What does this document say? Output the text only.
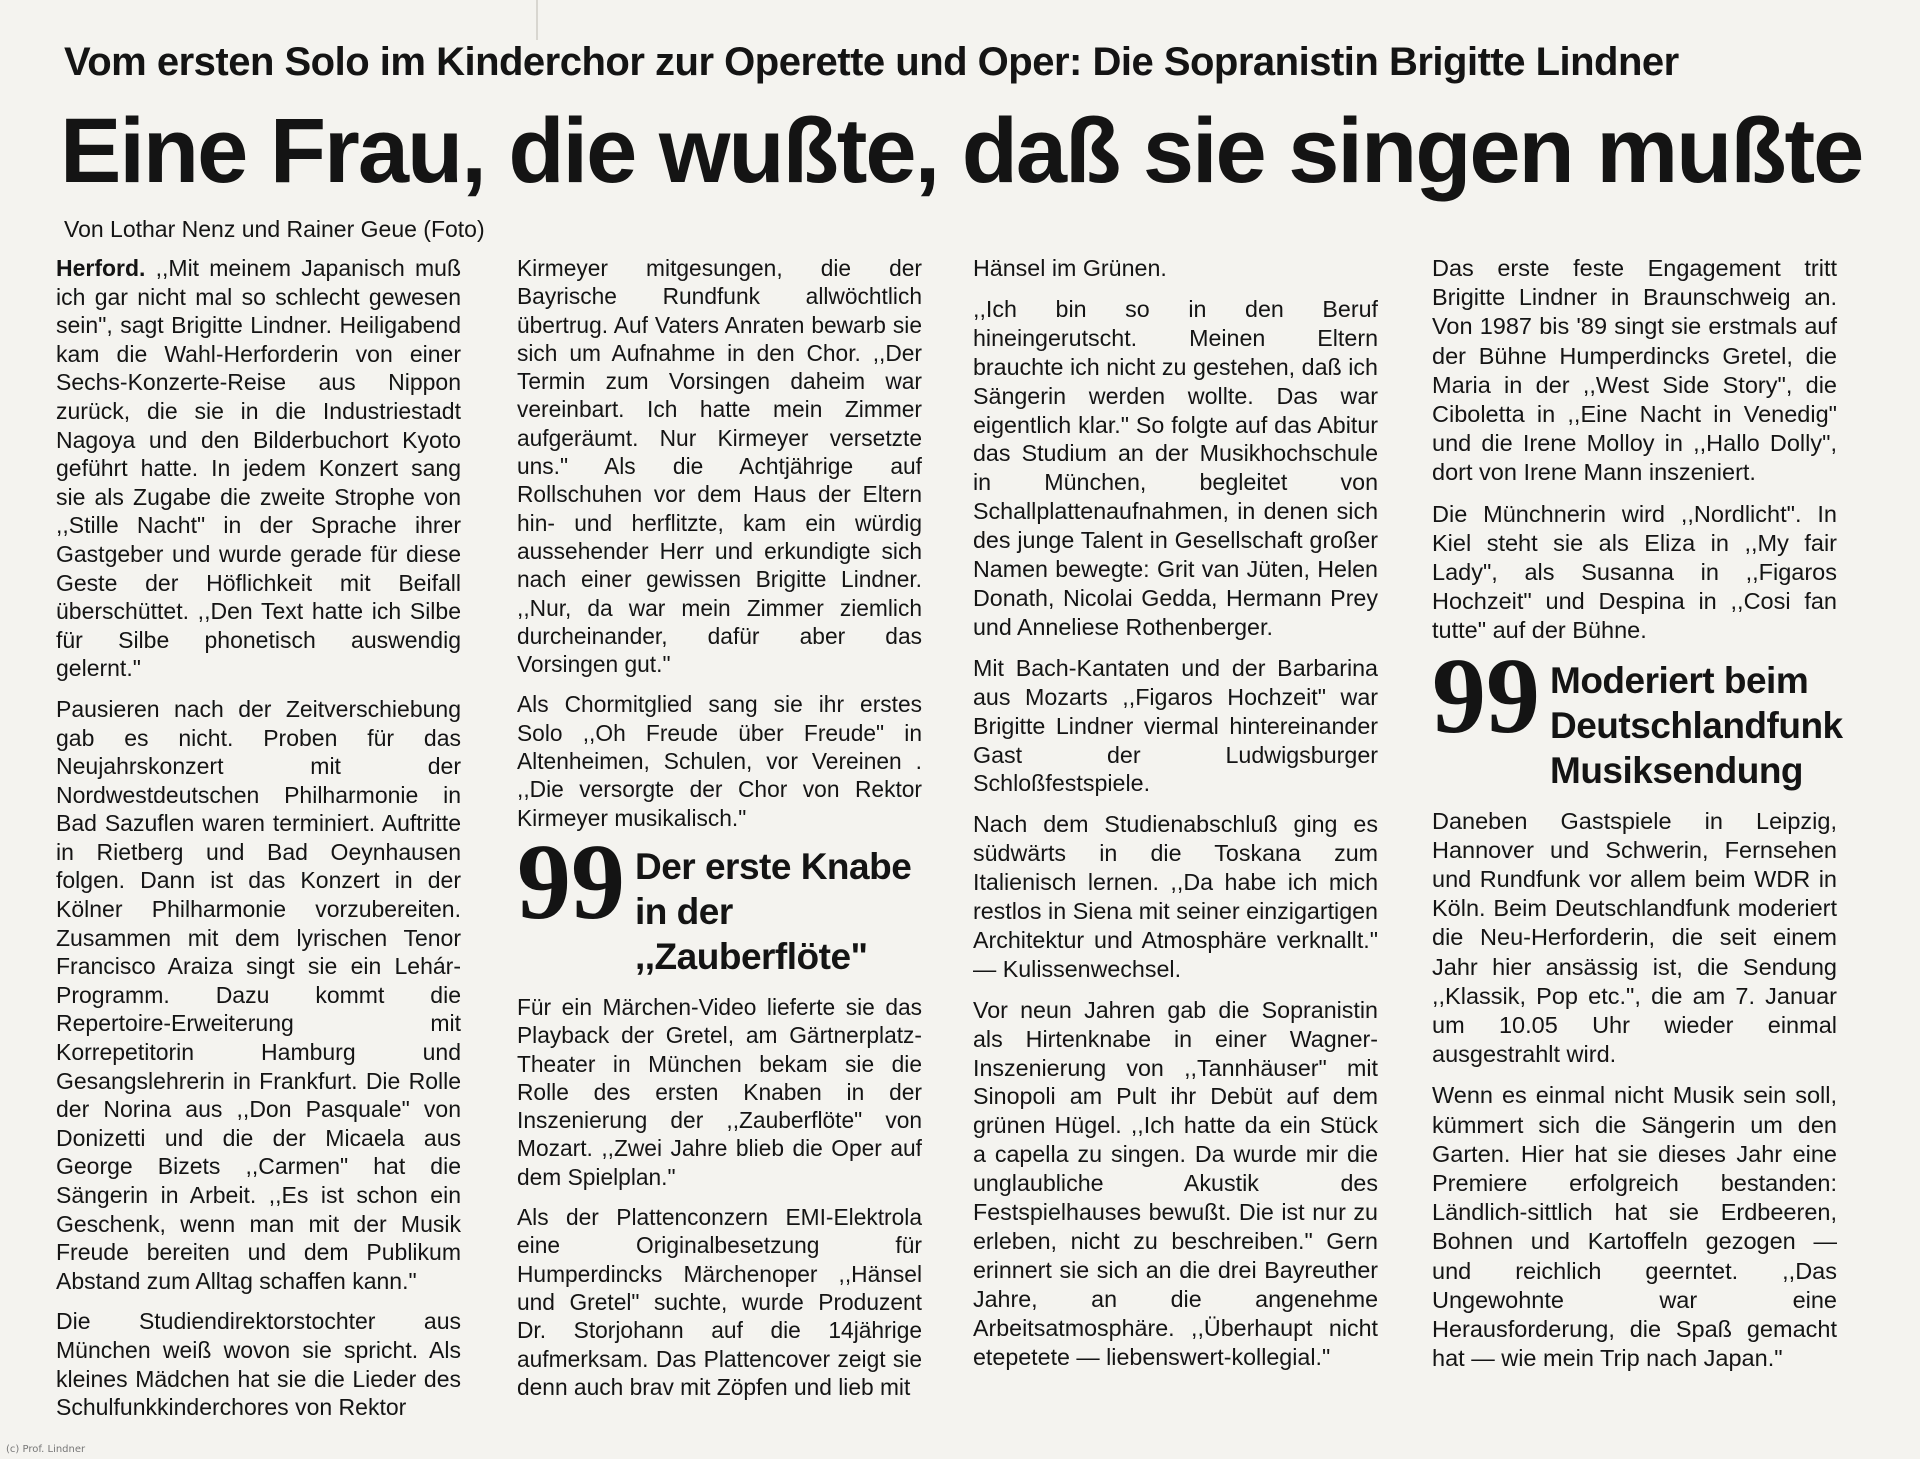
Vom ersten Solo im Kinderchor zur Operette und Oper: Die Sopranistin Brigitte Lindner
Eine Frau, die wußte, daß sie singen mußte
Von Lothar Nenz und Rainer Geue (Foto)

Herford. ,,Mit meinem Japanisch muß ich gar nicht mal so schlecht gewesen sein", sagt Brigitte Lindner. Heiligabend kam die Wahl-Herforderin von einer Sechs-Konzerte-Reise aus Nippon zurück, die sie in die Industriestadt Nagoya und den Bilderbuchort Kyoto geführt hatte. In jedem Konzert sang sie als Zugabe die zweite Strophe von ,,Stille Nacht" in der Sprache ihrer Gastgeber und wurde gerade für diese Geste der Höflichkeit mit Beifall überschüttet. ,,Den Text hatte ich Silbe für Silbe phonetisch auswendig gelernt."

Pausieren nach der Zeitverschiebung gab es nicht. Proben für das Neujahrskonzert mit der Nordwestdeutschen Philharmonie in Bad Sazuflen waren terminiert. Auftritte in Rietberg und Bad Oeynhausen folgen. Dann ist das Konzert in der Kölner Philharmonie vorzubereiten. Zusammen mit dem lyrischen Tenor Francisco Araiza singt sie ein Lehár-Programm. Dazu kommt die Repertoire-Erweiterung mit Korrepetitorin Hamburg und Gesangslehrerin in Frankfurt. Die Rolle der Norina aus ,,Don Pasquale" von Donizetti und die der Micaela aus George Bizets ,,Carmen" hat die Sängerin in Arbeit. ,,Es ist schon ein Geschenk, wenn man mit der Musik Freude bereiten und dem Publikum Abstand zum Alltag schaffen kann."

Die Studiendirektorstochter aus München weiß wovon sie spricht. Als kleines Mädchen hat sie die Lieder des Schulfunkkinderchores von Rektor

Kirmeyer mitgesungen, die der Bayrische Rundfunk allwöchtlich übertrug. Auf Vaters Anraten bewarb sie sich um Aufnahme in den Chor. ,,Der Termin zum Vorsingen daheim war vereinbart. Ich hatte mein Zimmer aufgeräumt. Nur Kirmeyer versetzte uns." Als die Achtjährige auf Rollschuhen vor dem Haus der Eltern hin- und herflitzte, kam ein würdig aussehender Herr und erkundigte sich nach einer gewissen Brigitte Lindner. ,,Nur, da war mein Zimmer ziemlich durcheinander, dafür aber das Vorsingen gut."

Als Chormitglied sang sie ihr erstes Solo ,,Oh Freude über Freude" in Altenheimen, Schulen, vor Vereinen . ,,Die versorgte der Chor von Rektor Kirmeyer musikalisch."

99 Der erste Knabe in der ,,Zauberflöte"

Für ein Märchen-Video lieferte sie das Playback der Gretel, am Gärtnerplatz-Theater in München bekam sie die Rolle des ersten Knaben in der Inszenierung der ,,Zauberflöte" von Mozart. ,,Zwei Jahre blieb die Oper auf dem Spielplan."

Als der Plattenconzern EMI-Elektrola eine Originalbesetzung für Humperdincks Märchenoper ,,Hänsel und Gretel" suchte, wurde Produzent Dr. Storjohann auf die 14jährige aufmerksam. Das Plattencover zeigt sie denn auch brav mit Zöpfen und lieb mit

Hänsel im Grünen.

,,Ich bin so in den Beruf hineingerutscht. Meinen Eltern brauchte ich nicht zu gestehen, daß ich Sängerin werden wollte. Das war eigentlich klar." So folgte auf das Abitur das Studium an der Musikhochschule in München, begleitet von Schallplattenaufnahmen, in denen sich des junge Talent in Gesellschaft großer Namen bewegte: Grit van Jüten, Helen Donath, Nicolai Gedda, Hermann Prey und Anneliese Rothenberger.

Mit Bach-Kantaten und der Barbarina aus Mozarts ,,Figaros Hochzeit" war Brigitte Lindner viermal hintereinander Gast der Ludwigsburger Schloßfestspiele.

Nach dem Studienabschluß ging es südwärts in die Toskana zum Italienisch lernen. ,,Da habe ich mich restlos in Siena mit seiner einzigartigen Architektur und Atmosphäre verknallt." — Kulissenwechsel.

Vor neun Jahren gab die Sopranistin als Hirtenknabe in einer Wagner-Inszenierung von ,,Tannhäuser" mit Sinopoli am Pult ihr Debüt auf dem grünen Hügel. ,,Ich hatte da ein Stück a capella zu singen. Da wurde mir die unglaubliche Akustik des Festspielhauses bewußt. Die ist nur zu erleben, nicht zu beschreiben." Gern erinnert sie sich an die drei Bayreuther Jahre, an die angenehme Arbeitsatmosphäre. ,,Überhaupt nicht etepetete — liebenswert-kollegial."

Das erste feste Engagement tritt Brigitte Lindner in Braunschweig an. Von 1987 bis '89 singt sie erstmals auf der Bühne Humperdincks Gretel, die Maria in der ,,West Side Story", die Ciboletta in ,,Eine Nacht in Venedig" und die Irene Molloy in ,,Hallo Dolly", dort von Irene Mann inszeniert.

Die Münchnerin wird ,,Nordlicht". In Kiel steht sie als Eliza in ,,My fair Lady", als Susanna in ,,Figaros Hochzeit" und Despina in ,,Cosi fan tutte" auf der Bühne.

99 Moderiert beim Deutschlandfunk Musiksendung

Daneben Gastspiele in Leipzig, Hannover und Schwerin, Fernsehen und Rundfunk vor allem beim WDR in Köln. Beim Deutschlandfunk moderiert die Neu-Herforderin, die seit einem Jahr hier ansässig ist, die Sendung ,,Klassik, Pop etc.", die am 7. Januar um 10.05 Uhr wieder einmal ausgestrahlt wird.

Wenn es einmal nicht Musik sein soll, kümmert sich die Sängerin um den Garten. Hier hat sie dieses Jahr eine Premiere erfolgreich bestanden: Ländlich-sittlich hat sie Erdbeeren, Bohnen und Kartoffeln gezogen — und reichlich geerntet. ,,Das Ungewohnte war eine Herausforderung, die Spaß gemacht hat — wie mein Trip nach Japan."

(c) Prof. Lindner
